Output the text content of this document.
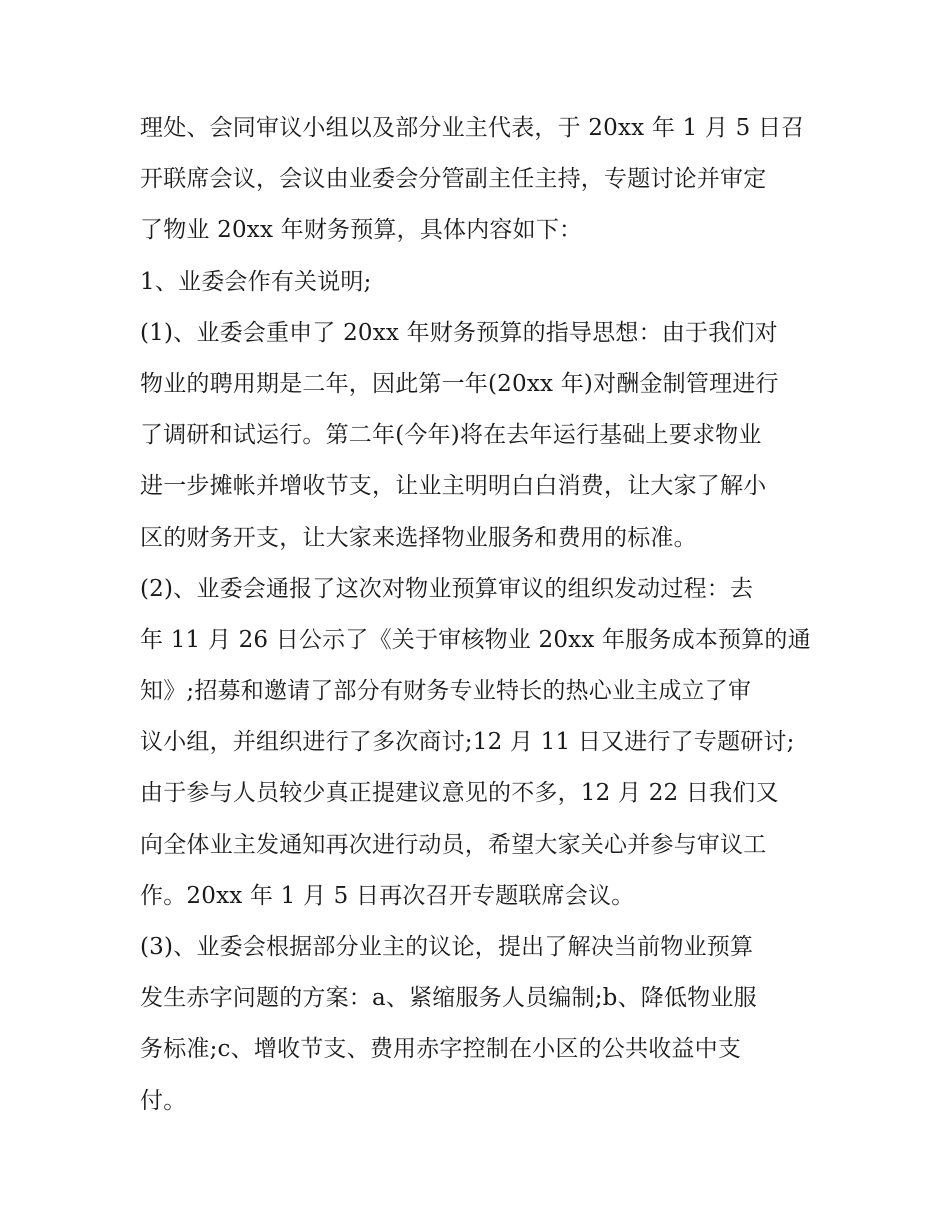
理处、会同审议小组以及部分业主代表，于 20xx 年 1 月 5 日召
开联席会议，会议由业委会分管副主任主持，专题讨论并审定
了物业 20xx 年财务预算，具体内容如下：
1、业委会作有关说明;
(1)、业委会重申了 20xx 年财务预算的指导思想：由于我们对
物业的聘用期是二年，因此第一年(20xx 年)对酬金制管理进行
了调研和试运行。第二年(今年)将在去年运行基础上要求物业
进一步摊帐并增收节支，让业主明明白白消费，让大家了解小
区的财务开支，让大家来选择物业服务和费用的标准。
(2)、业委会通报了这次对物业预算审议的组织发动过程：去
年 11 月 26 日公示了《关于审核物业 20xx 年服务成本预算的通
知》;招募和邀请了部分有财务专业特长的热心业主成立了审
议小组，并组织进行了多次商讨;12 月 11 日又进行了专题研讨;
由于参与人员较少真正提建议意见的不多，12 月 22 日我们又
向全体业主发通知再次进行动员，希望大家关心并参与审议工
作。20xx 年 1 月 5 日再次召开专题联席会议。
(3)、业委会根据部分业主的议论，提出了解决当前物业预算
发生赤字问题的方案：a、紧缩服务人员编制;b、降低物业服
务标准;c、增收节支、费用赤字控制在小区的公共收益中支
付。
